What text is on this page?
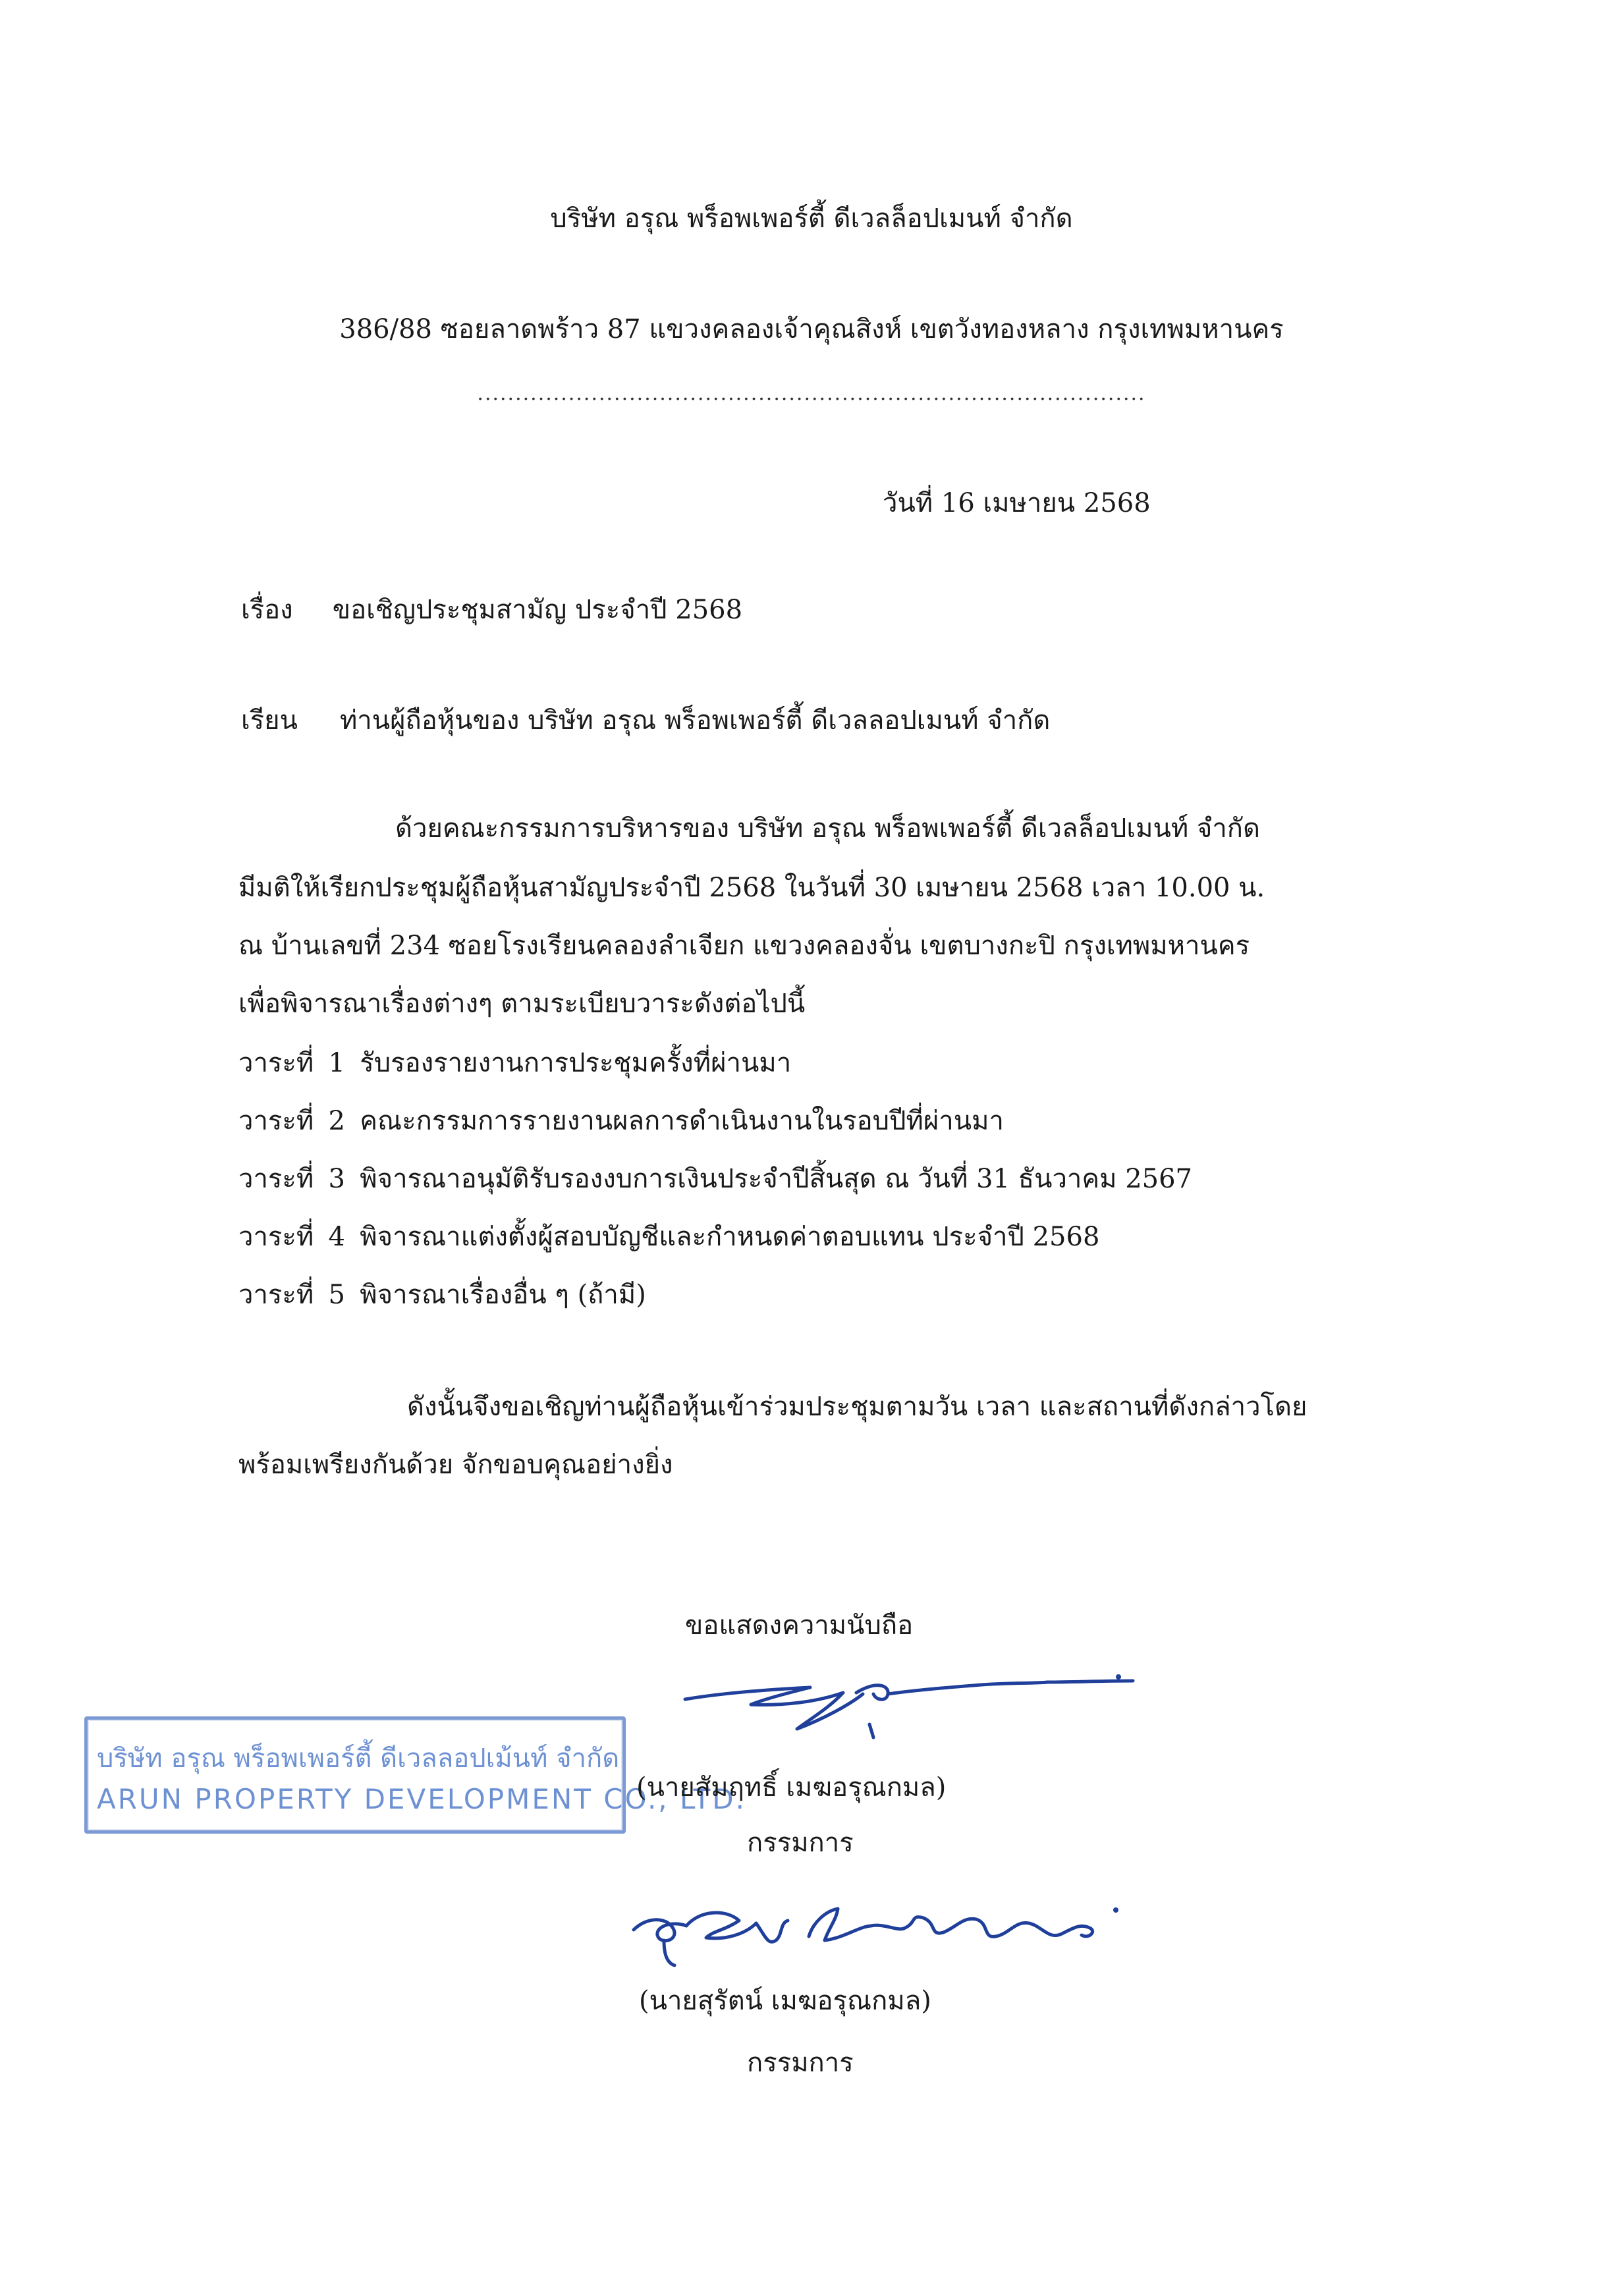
บริษัท อรุณ พร็อพเพอร์ตี้ ดีเวลล็อปเมนท์ จำกัด
386/88 ซอยลาดพร้าว 87 แขวงคลองเจ้าคุณสิงห์ เขตวังทองหลาง กรุงเทพมหานคร
........................................................................................
วันที่ 16 เมษายน 2568
เรื่อง ขอเชิญประชุมสามัญ ประจำปี 2568
เรียน ท่านผู้ถือหุ้นของ บริษัท อรุณ พร็อพเพอร์ตี้ ดีเวลลอปเมนท์ จำกัด
ด้วยคณะกรรมการบริหารของ บริษัท อรุณ พร็อพเพอร์ตี้ ดีเวลล็อปเมนท์ จำกัด
มีมติให้เรียกประชุมผู้ถือหุ้นสามัญประจำปี 2568 ในวันที่ 30 เมษายน 2568 เวลา 10.00 น.
ณ บ้านเลขที่ 234 ซอยโรงเรียนคลองลำเจียก แขวงคลองจั่น เขตบางกะปิ กรุงเทพมหานคร
เพื่อพิจารณาเรื่องต่างๆ ตามระเบียบวาระดังต่อไปนี้
วาระที่ 1 รับรองรายงานการประชุมครั้งที่ผ่านมา
วาระที่ 2 คณะกรรมการรายงานผลการดำเนินงานในรอบปีที่ผ่านมา
วาระที่ 3 พิจารณาอนุมัติรับรองงบการเงินประจำปีสิ้นสุด ณ วันที่ 31 ธันวาคม 2567
วาระที่ 4 พิจารณาแต่งตั้งผู้สอบบัญชีและกำหนดค่าตอบแทน ประจำปี 2568
วาระที่ 5 พิจารณาเรื่องอื่น ๆ (ถ้ามี)
ดังนั้นจึงขอเชิญท่านผู้ถือหุ้นเข้าร่วมประชุมตามวัน เวลา และสถานที่ดังกล่าวโดย
พร้อมเพรียงกันด้วย จักขอบคุณอย่างยิ่ง
ขอแสดงความนับถือ
บริษัท อรุณ พร็อพเพอร์ตี้ ดีเวลลอปเม้นท์ จำกัด
ARUN PROPERTY DEVELOPMENT CO., LTD.
(นายสัมฤทธิ์ เมฆอรุณกมล)
กรรมการ
(นายสุรัตน์ เมฆอรุณกมล)
กรรมการ
